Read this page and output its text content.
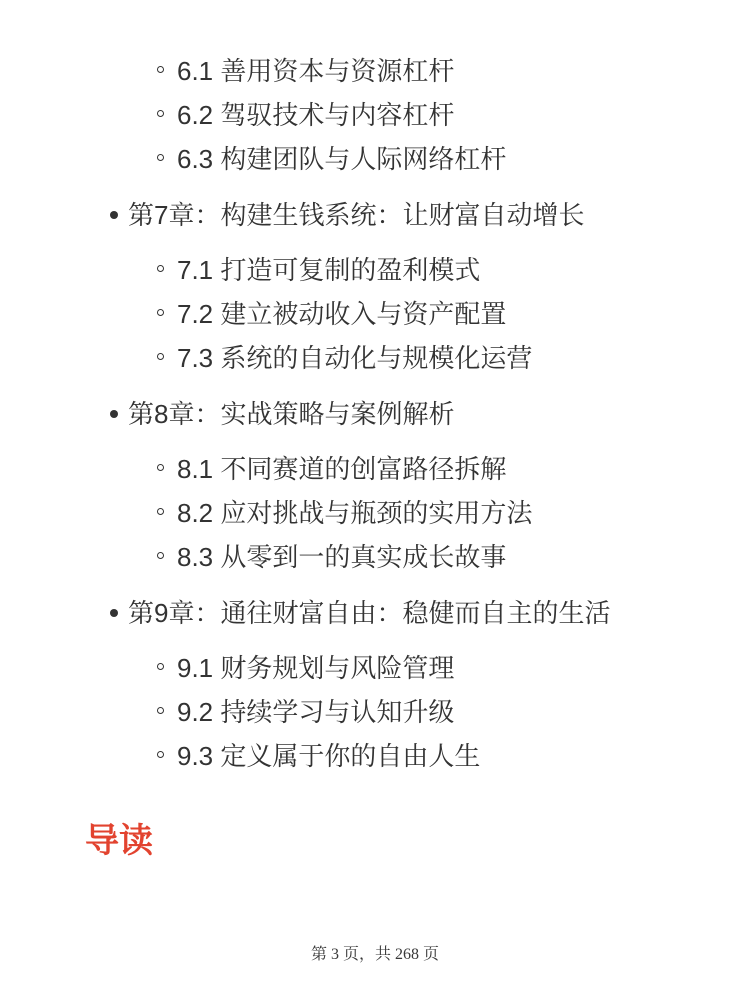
6.1 善用资本与资源杠杆
6.2 驾驭技术与内容杠杆
6.3 构建团队与人际网络杠杆
第7章：构建生钱系统：让财富自动增长
7.1 打造可复制的盈利模式
7.2 建立被动收入与资产配置
7.3 系统的自动化与规模化运营
第8章：实战策略与案例解析
8.1 不同赛道的创富路径拆解
8.2 应对挑战与瓶颈的实用方法
8.3 从零到一的真实成长故事
第9章：通往财富自由：稳健而自主的生活
9.1 财务规划与风险管理
9.2 持续学习与认知升级
9.3 定义属于你的自由人生
导读
第 3 页，共 268 页
